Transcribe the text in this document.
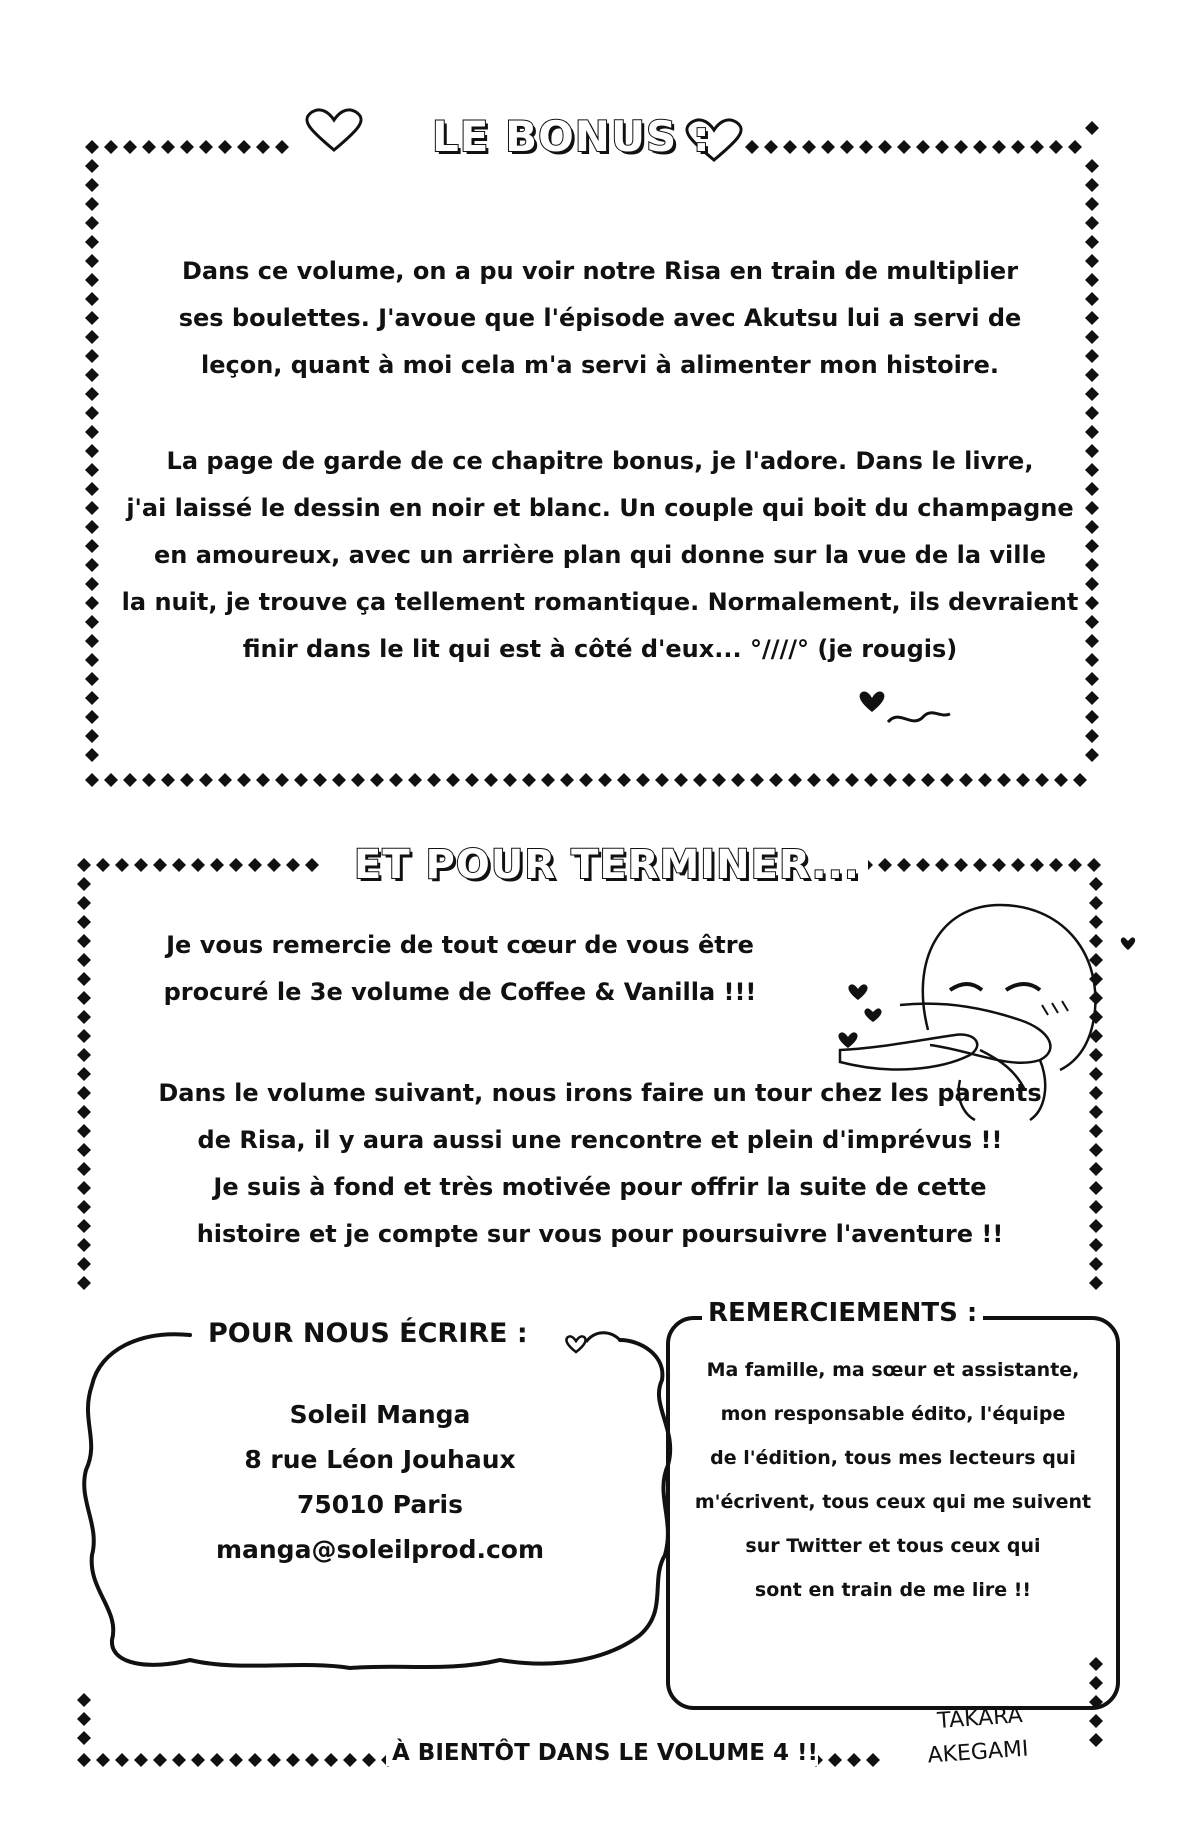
LE BONUS :
Dans ce volume, on a pu voir notre Risa en train de multiplier
ses boulettes. J'avoue que l'épisode avec Akutsu lui a servi de
leçon, quant à moi cela m'a servi à alimenter mon histoire.
La page de garde de ce chapitre bonus, je l'adore. Dans le livre,
j'ai laissé le dessin en noir et blanc. Un couple qui boit du champagne
en amoureux, avec un arrière plan qui donne sur la vue de la ville
la nuit, je trouve ça tellement romantique. Normalement, ils devraient
finir dans le lit qui est à côté d'eux... °////° (je rougis)
ET POUR TERMINER...
Je vous remercie de tout cœur de vous être
procuré le 3e volume de Coffee & Vanilla !!!
Dans le volume suivant, nous irons faire un tour chez les parents
de Risa, il y aura aussi une rencontre et plein d'imprévus !!
Je suis à fond et très motivée pour offrir la suite de cette
histoire et je compte sur vous pour poursuivre l'aventure !!
POUR NOUS ÉCRIRE :
Soleil Manga
8 rue Léon Jouhaux
75010 Paris
manga@soleilprod.com
REMERCIEMENTS :
Ma famille, ma sœur et assistante,
mon responsable édito, l'équipe
de l'édition, tous mes lecteurs qui
m'écrivent, tous ceux qui me suivent
sur Twitter et tous ceux qui
sont en train de me lire !!
À BIENTÔT DANS LE VOLUME 4 !!
TAKARA
AKEGAMI
